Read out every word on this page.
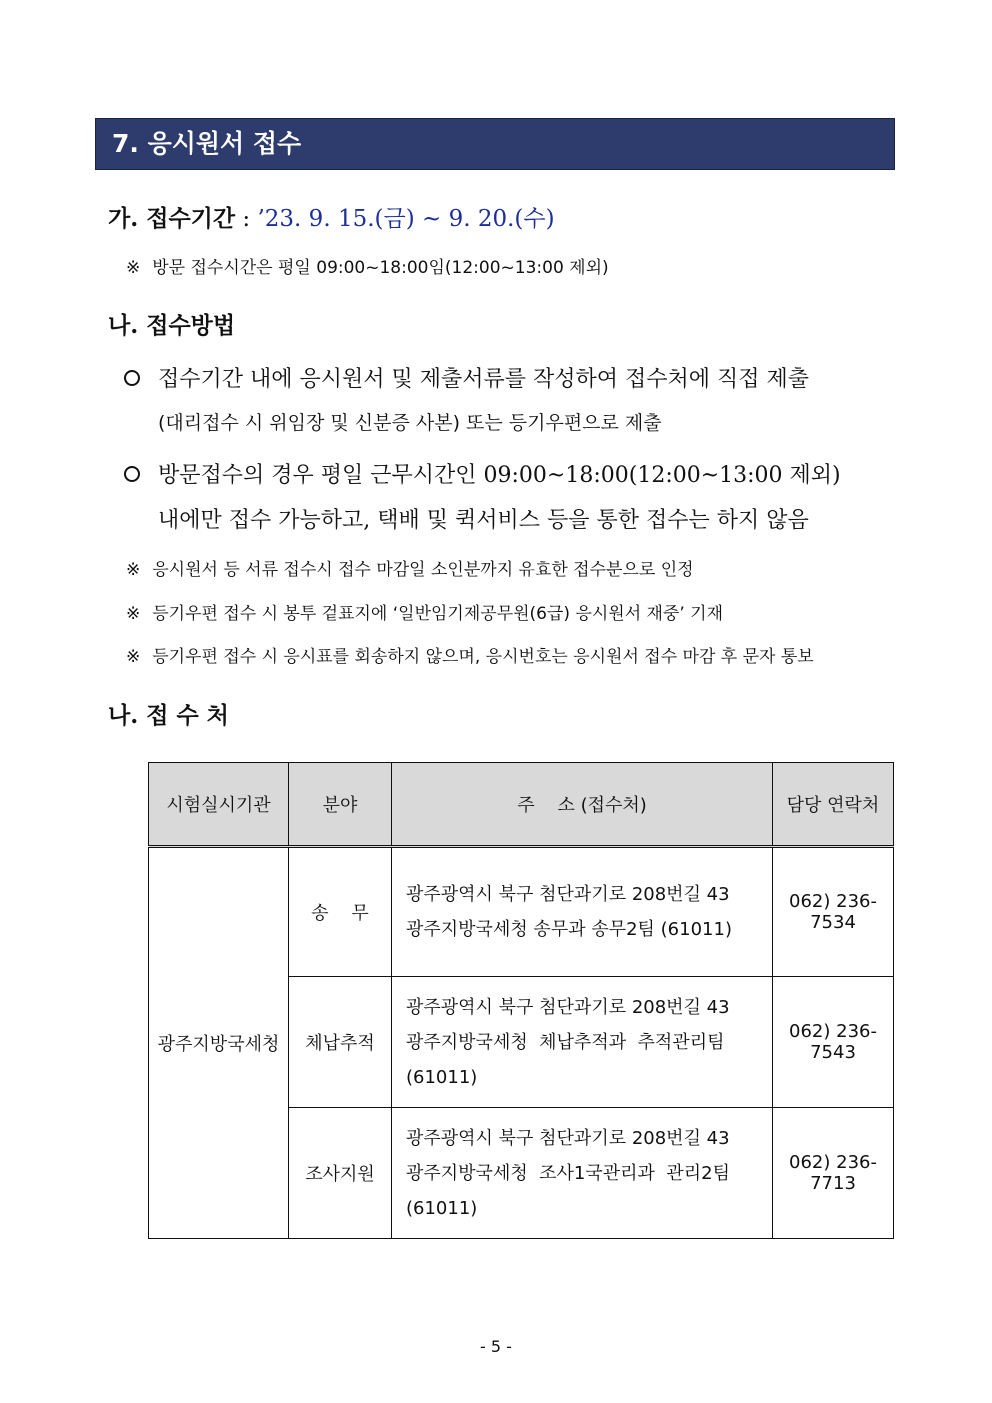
7. 응시원서 접수
가. 접수기간 : ’23. 9. 15.(금) ~ 9. 20.(수)
※ 방문 접수시간은 평일 09:00~18:00임(12:00~13:00 제외)
나. 접수방법
접수기간 내에 응시원서 및 제출서류를 작성하여 접수처에 직접 제출
(대리접수 시 위임장 및 신분증 사본) 또는 등기우편으로 제출
방문접수의 경우 평일 근무시간인 09:00~18:00(12:00~13:00 제외)
내에만 접수 가능하고, 택배 및 퀵서비스 등을 통한 접수는 하지 않음
※ 응시원서 등 서류 접수시 접수 마감일 소인분까지 유효한 접수분으로 인정
※ 등기우편 접수 시 봉투 겉표지에 ‘일반임기제공무원(6급) 응시원서 재중’ 기재
※ 등기우편 접수 시 응시표를 회송하지 않으며, 응시번호는 응시원서 접수 마감 후 문자 통보
나. 접 수 처
시험실시기관	분야	주    소 (접수처)	담당 연락처
광주지방국세청	송    무	광주광역시 북구 첨단과기로 208번길 43
광주지방국세청 송무과 송무2팀 (61011)	062) 236-7534
	체납추적	광주광역시 북구 첨단과기로 208번길 43
광주지방국세청  체납추적과  추적관리팀
(61011)	062) 236-7543
	조사지원	광주광역시 북구 첨단과기로 208번길 43
광주지방국세청  조사1국관리과  관리2팀
(61011)	062) 236-7713
- 5 -
